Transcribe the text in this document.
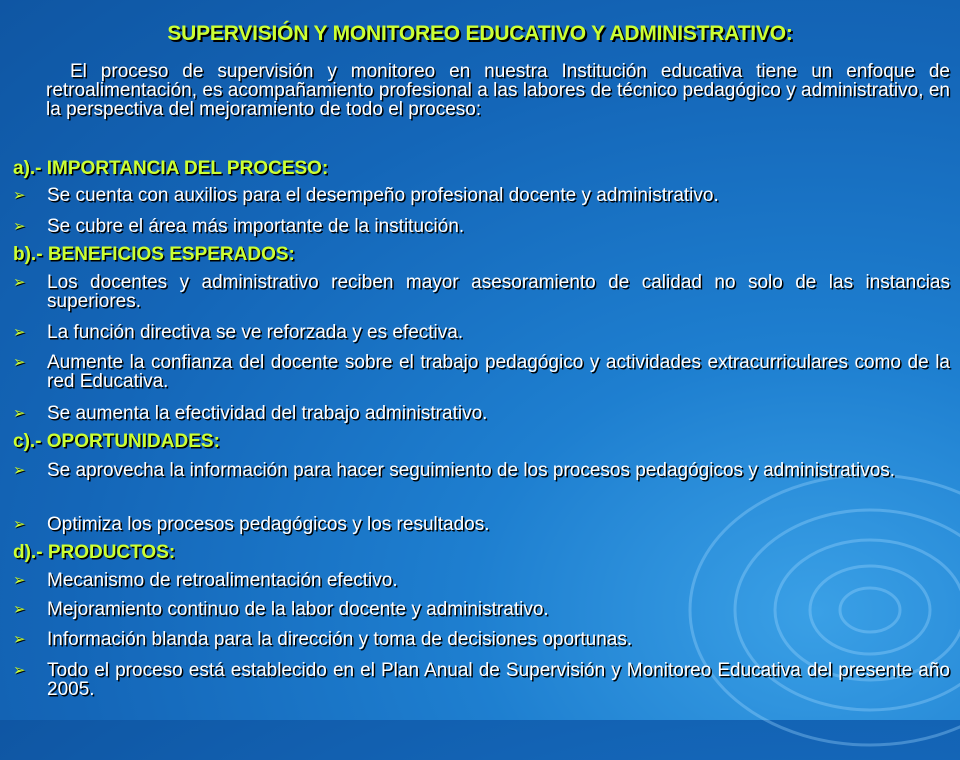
SUPERVISIÓN Y MONITOREO EDUCATIVO Y ADMINISTRATIVO:

El proceso de supervisión y monitoreo en nuestra Institución educativa tiene un enfoque de retroalimentación, es acompañamiento profesional a las labores de técnico pedagógico y administrativo, en la perspectiva del mejoramiento de todo el proceso:

a).- IMPORTANCIA DEL PROCESO:
➢	Se cuenta con auxilios para el desempeño profesional docente y administrativo.
➢	Se cubre el área más importante de la institución.
b).- BENEFICIOS ESPERADOS:
➢	Los docentes y administrativo reciben mayor asesoramiento de calidad no solo de las instancias superiores.
➢	La función directiva se ve reforzada y es efectiva.
➢	Aumente la confianza del docente sobre el trabajo pedagógico y actividades extracurriculares como de la red Educativa.
➢	Se aumenta la efectividad del trabajo administrativo.
c).- OPORTUNIDADES:
➢	Se aprovecha la información para hacer seguimiento de los procesos pedagógicos y administrativos.
➢	Optimiza los procesos pedagógicos y los resultados.
d).- PRODUCTOS:
➢	Mecanismo de retroalimentación efectivo.
➢	Mejoramiento continuo de la labor docente y administrativo.
➢	Información blanda para la dirección y toma de decisiones oportunas.
➢	Todo el proceso está establecido en el Plan Anual de Supervisión y Monitoreo Educativa del presente año 2005.
